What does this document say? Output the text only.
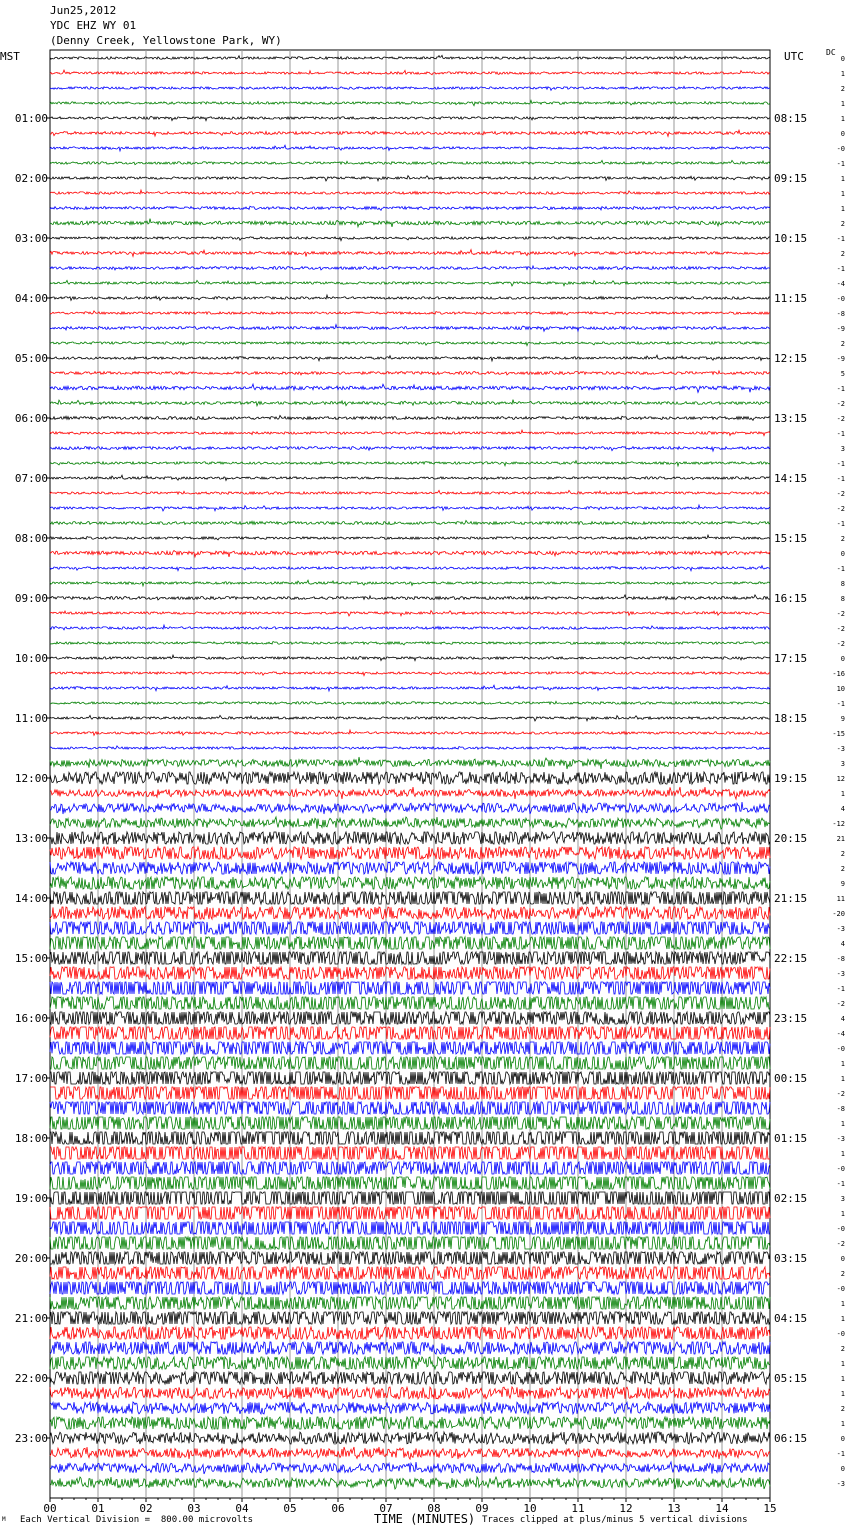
Jun25,2012
YDC EHZ WY 01
(Denny Creek, Yellowstone Park, WY)
MST	UTC	DC
01:00
02:00
03:00
04:00
05:00
06:00
07:00
08:00
09:00
10:00
11:00
12:00
13:00
14:00
15:00
16:00
17:00
18:00
19:00
20:00
21:00
22:00
23:00
08:15
09:15
10:15
11:15
12:15
13:15
14:15
15:15
16:15
17:15
18:15
19:15
20:15
21:15
22:15
23:15
00:15
01:15
02:15
03:15
04:15
05:15
06:15
0
1
2
1
1
0
-0
-1
1
1
1
2
-1
2
-1
-4
-0
-8
-9
2
-9
5
-1
-2
-2
-1
3
-1
-1
-2
-2
-1
2
0
-1
8
8
-2
-2
-2
0
-16
10
-1
9
-15
-3
3
12
1
4
-12
21
2
2
9
11
-20
-3
4
-8
-3
-1
-2
4
-4
-0
1
1
-2
-8
1
-3
1
-0
-1
3
1
-0
-2
0
2
-0
1
1
-0
2
1
1
1
2
1
0
-1
0
-3
00	01	02	03	04	05	06	07	08	09	10	11	12	13	14	15
M Each Vertical Division =  800.00 microvolts	TIME (MINUTES) Traces clipped at plus/minus 5 vertical divisions
